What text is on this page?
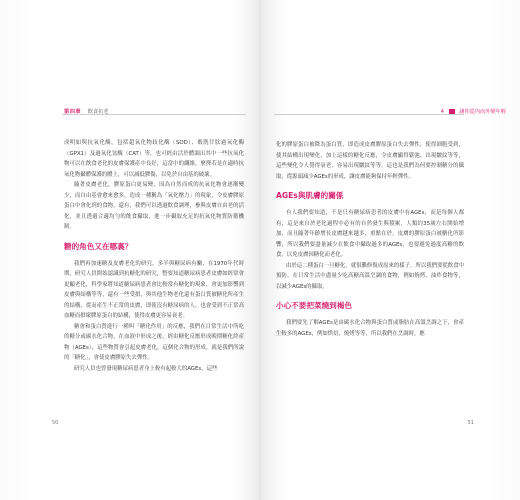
第四章 飲食抗老

成明如與抗氧化酶，包括超氧化物歧化酶（SOD）、穀胱甘肽過氧化酶（GPX1）及過氧化氫酶（CAT）等，也可經由活於體調出其中一些抗氧化物可以在飲食老化的皮膚保護產中良好，這當中的纖維，麼擇若是在適時抗氧化物攝體保護的體上，可以減低膠傷，以免於自由基的破壞。

隨著皮膚老化，膠原蛋白更易變，因為自然而成的抗氧化物會逐漸變少，而自由基會愈來愈多，造成一種稱為「氧化壓力」的現象，令皮膚膠原蛋白中會化到的食物，還有，我們可以透過飲食調理，參與皮膚自由老的活化，並且透過合適均勻的飲食攝取，進一步攝取充足的抗氧化物質防衛機制。

糖的角色又在哪裏？

我們再加速糖及皮膚老化的研究，多半與糖尿病有關，在1970年代時期，研究人員開始認識到抗糖化的研究，整要知道糖尿病患者皮膚如經常會更顯老化，科學家將知道糖尿病患者會比較常有糖化的現象，會更加影響到皮膚與結構等等，還有一些受損，與其他生物老化還有蛋白質被糖化所產生的結構，從而產生不正常的皮膚，即使沒有糖尿病的人，也會受到不正常高血糖而損壞膠原蛋白的結構，使得皮膚更容易衰老。

糖會和蛋白質進行一種叫「糖化作用」的反應，我們在日常生活中所吃的糖分或碳水化合物，在血液中形成之後，經由糖化反應形成晚期糖化終產物（AGEs），這些物質會引起皮膚老化，這個化合物的形成，就是我們所說的「糖化」，會使皮膚膠原失去彈性。

研究人員也曾發現糖尿病患者身上較有起較大的AGEs，這些

50
4	讓你從內而外變年輕

化的膠原蛋白被降為蛋白質，即造成皮膚膠原蛋白失去彈性，使得細胞受到，使其結構出現變化，加上這樣的糖化反應，令皮膚顯得鬆弛、出現皺紋等等，這些變化令人覺得衰老、容易出現皺紋等等。這也是我們為何要控制糖分的攝取，從源頭減少AGEs的形成，讓皮膚能夠保持年輕彈性。

AGEs與肌膚的關係

有人我們要知道，不是只有糖尿病患者的皮膚中有AGEs，而是每個人都有，這是來自於老化過程中必有的自然發生與積累，人類約35歲左右開始增加，而且隨著年齡增長皮膚越來越多，重點在於，皮膚的膠原蛋白被糖化所影響，所以我們要盡量減少在飲食中攝取過多的AGEs，也要避免過度高糖的飲食，以免皮膚因糖化而老化。

由於這二種蛋白一旦糖化，就很難修復成原來的樣子，所以我們要從飲食中預防，在日常生活中盡量少吃高糖高溫烹調的食物，例如燒烤、油炸食物等，以減少AGEs的攝取。

小心不要把菜燒到褐色

我們要先了解AGEs是由碳水化合物與蛋白質或脂肪在高溫烹調之下，會產生較多的AGEs，例如烘焙、燒烤等等，所以我們在烹調時，應

51
